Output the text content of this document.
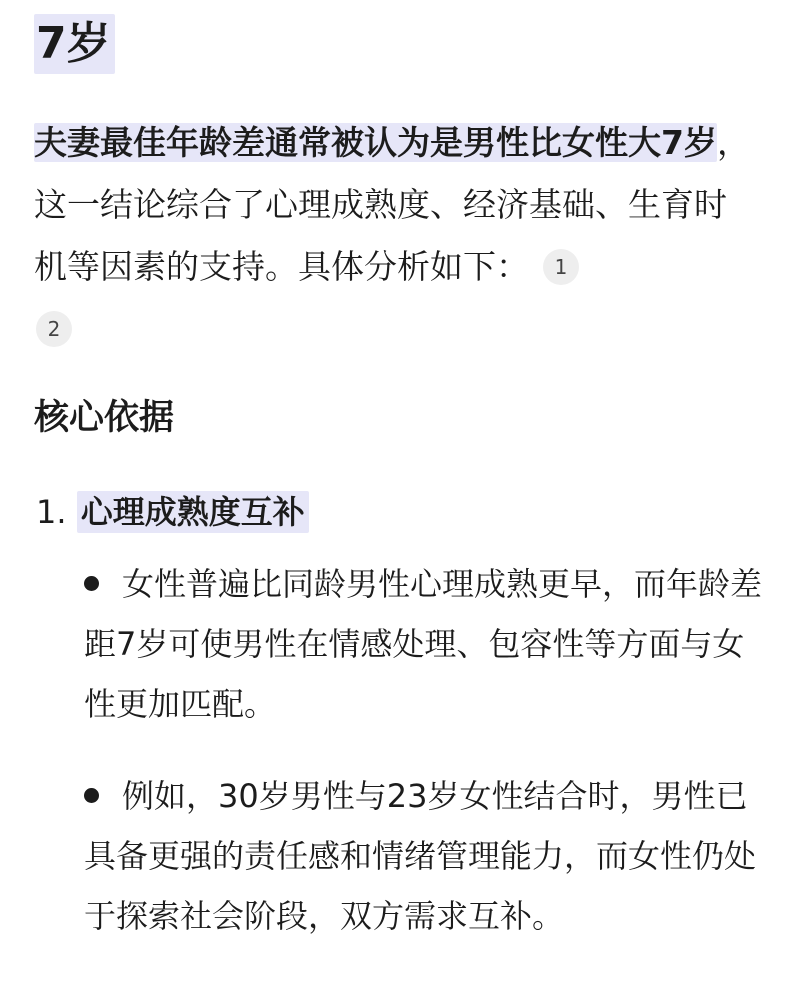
7岁

夫妻最佳年龄差通常被认为是男性比女性大7岁，这一结论综合了心理成熟度、经济基础、生育时机等因素的支持。具体分析如下： 1
2

核心依据
1. 心理成熟度互补
女性普遍比同龄男性心理成熟更早，而年龄差距7岁可使男性在情感处理、包容性等方面与女性更加匹配。
例如，30岁男性与23岁女性结合时，男性已具备更强的责任感和情绪管理能力，而女性仍处于探索社会阶段，双方需求互补。
